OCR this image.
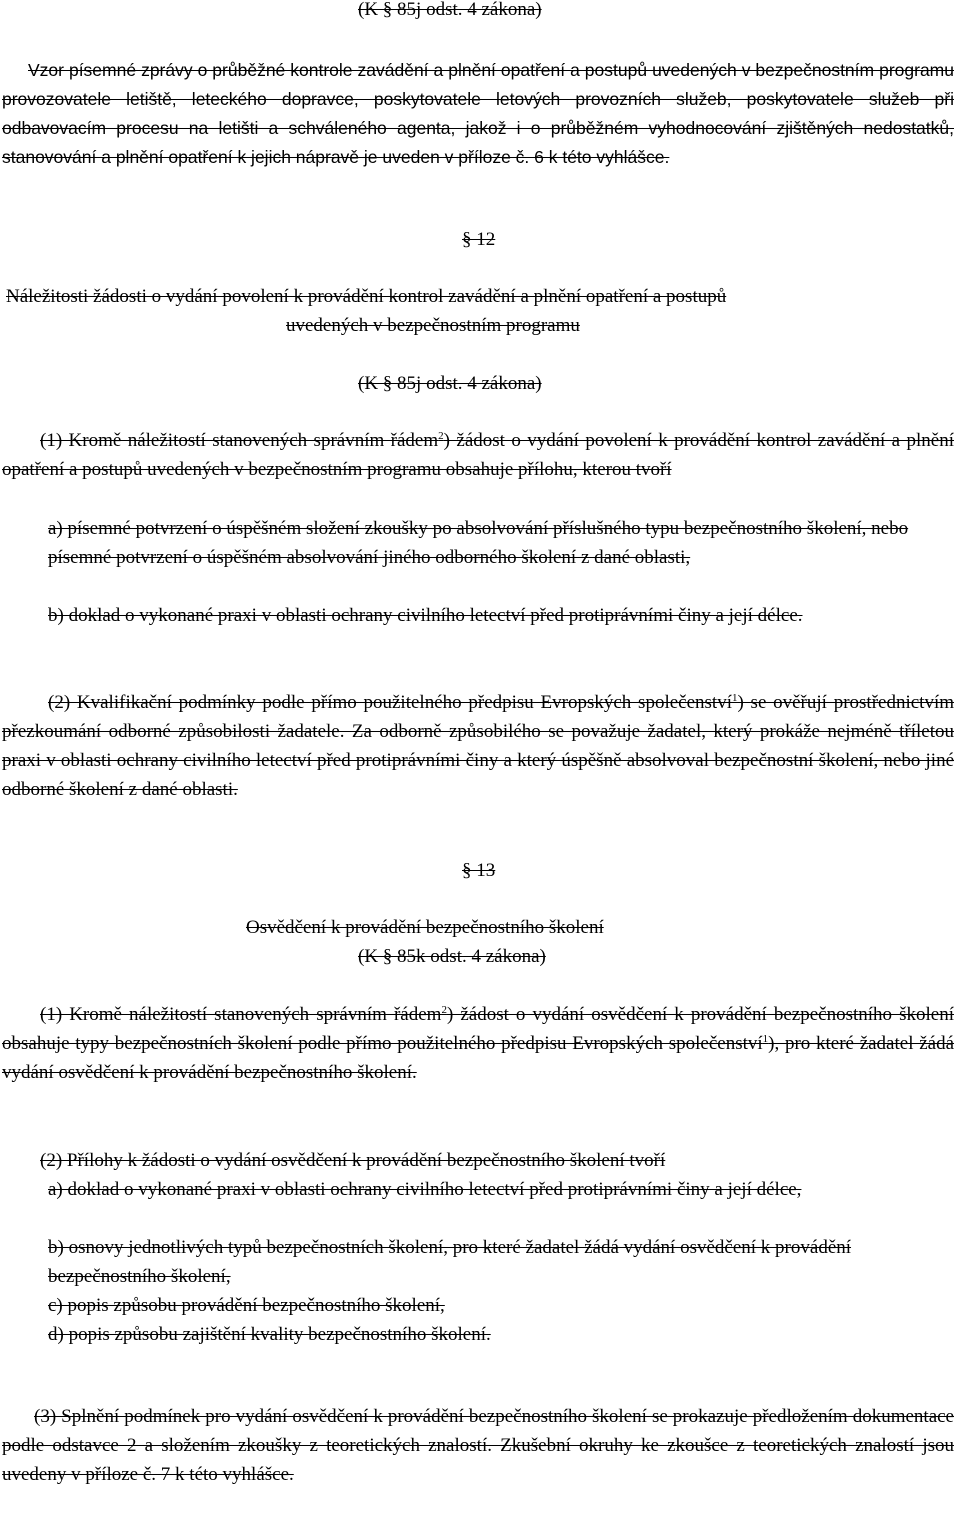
(K § 85j odst. 4 zákona)
Vzor písemné zprávy o průběžné kontrole zavádění a plnění opatření a postupů uvedených v bezpečnostním programu provozovatele letiště, leteckého dopravce, poskytovatele letových provozních služeb, poskytovatele služeb při odbavovacím procesu na letišti a schváleného agenta, jakož i o průběžném vyhodnocování zjištěných nedostatků, stanovování a plnění opatření k jejich nápravě je uveden v příloze č. 6 k této vyhlášce.
§ 12
Náležitosti žádosti o vydání povolení k provádění kontrol zavádění a plnění opatření a postupů
uvedených v bezpečnostním programu
(K § 85j odst. 4 zákona)
(1) Kromě náležitostí stanovených správním řádem$^2$) žádost o vydání povolení k provádění kontrol zavádění a plnění opatření a postupů uvedených v bezpečnostním programu obsahuje přílohu, kterou tvoří
a) písemné potvrzení o úspěšném složení zkoušky po absolvování příslušného typu bezpečnostního školení, nebo písemné potvrzení o úspěšném absolvování jiného odborného školení z dané oblasti,
b) doklad o vykonané praxi v oblasti ochrany civilního letectví před protiprávními činy a její délce.
(2) Kvalifikační podmínky podle přímo použitelného předpisu Evropských společenství$^1$) se ověřují prostřednictvím přezkoumání odborné způsobilosti žadatele. Za odborně způsobilého se považuje žadatel, který prokáže nejméně tříletou praxi v oblasti ochrany civilního letectví před protiprávními činy a který úspěšně absolvoval bezpečnostní školení, nebo jiné odborné školení z dané oblasti.
§ 13
Osvědčení k provádění bezpečnostního školení
(K § 85k odst. 4 zákona)
(1) Kromě náležitostí stanovených správním řádem$^2$) žádost o vydání osvědčení k provádění bezpečnostního školení obsahuje typy bezpečnostních školení podle přímo použitelného předpisu Evropských společenství$^1$), pro které žadatel žádá vydání osvědčení k provádění bezpečnostního školení.
(2) Přílohy k žádosti o vydání osvědčení k provádění bezpečnostního školení tvoří
a) doklad o vykonané praxi v oblasti ochrany civilního letectví před protiprávními činy a její délce,
b) osnovy jednotlivých typů bezpečnostních školení, pro které žadatel žádá vydání osvědčení k provádění bezpečnostního školení,
c) popis způsobu provádění bezpečnostního školení,
d) popis způsobu zajištění kvality bezpečnostního školení.
(3) Splnění podmínek pro vydání osvědčení k provádění bezpečnostního školení se prokazuje předložením dokumentace podle odstavce 2 a složením zkoušky z teoretických znalostí. Zkušební okruhy ke zkoušce z teoretických znalostí jsou uvedeny v příloze č. 7 k této vyhlášce.
